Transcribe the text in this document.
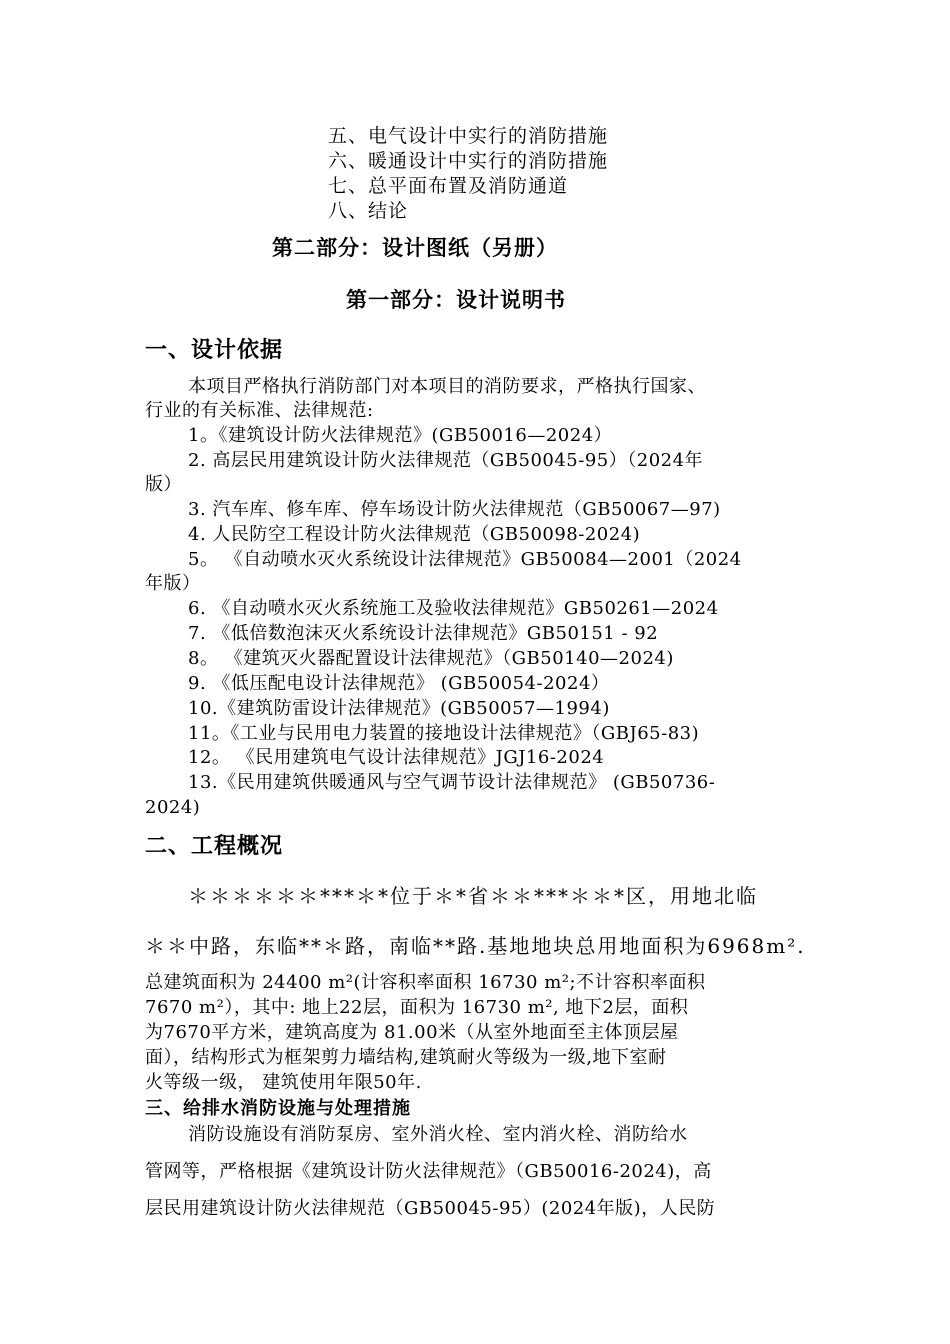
五、电气设计中实行的消防措施
六、暖通设计中实行的消防措施
七、总平面布置及消防通道
八、结论
第二部分：设计图纸（另册）
第一部分：设计说明书
一、设计依据
本项目严格执行消防部门对本项目的消防要求，严格执行国家、
行业的有关标准、法律规范:
1。《建筑设计防火法律规范》(GB50016—2024）
2. 高层民用建筑设计防火法律规范（GB50045-95）（2024年
版）
3. 汽车库、修车库、停车场设计防火法律规范（GB50067—97)
4. 人民防空工程设计防火法律规范（GB50098-2024)
5。 《自动喷水灭火系统设计法律规范》GB50084—2001（2024
年版）
6. 《自动喷水灭火系统施工及验收法律规范》GB50261—2024
7. 《低倍数泡沫灭火系统设计法律规范》GB50151 - 92
8。 《建筑灭火器配置设计法律规范》（GB50140—2024)
9. 《低压配电设计法律规范》 (GB50054-2024）
10.《建筑防雷设计法律规范》(GB50057—1994)
11。《工业与民用电力装置的接地设计法律规范》（GBJ65-83)
12。 《民用建筑电气设计法律规范》JGJ16-2024
13.《民用建筑供暖通风与空气调节设计法律规范》 (GB50736-
2024)
二、工程概况
＊＊＊＊＊＊***＊*位于＊*省＊＊***＊＊*区，用地北临
＊＊中路，东临**＊路，南临**路.基地地块总用地面积为6968m².
总建筑面积为 24400 m²(计容积率面积 16730 m²;不计容积率面积
7670 m²），其中: 地上22层，面积为 16730 m², 地下2层，面积
为7670平方米，建筑高度为 81.00米（从室外地面至主体顶层屋
面），结构形式为框架剪力墙结构,建筑耐火等级为一级,地下室耐
火等级一级， 建筑使用年限50年.
三、给排水消防设施与处理措施
消防设施设有消防泵房、室外消火栓、室内消火栓、消防给水
管网等，严格根据《建筑设计防火法律规范》（GB50016-2024)，高
层民用建筑设计防火法律规范（GB50045-95）(2024年版)，人民防
